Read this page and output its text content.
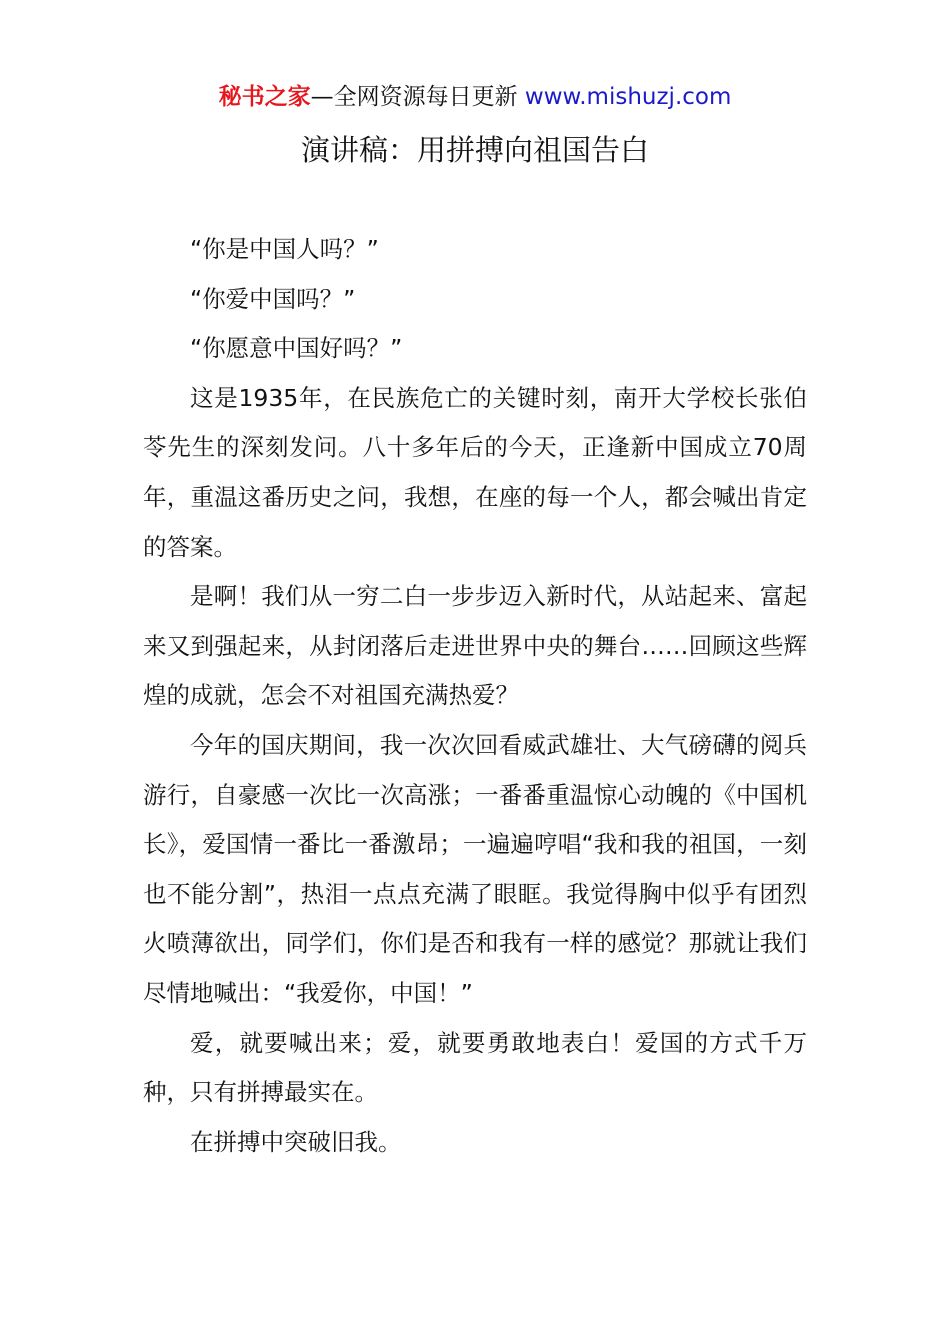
秘书之家—全网资源每日更新 www.mishuzj.com
演讲稿：用拼搏向祖国告白

“你是中国人吗？”

“你爱中国吗？”

“你愿意中国好吗？”

这是1935年，在民族危亡的关键时刻，南开大学校长张伯苓先生的深刻发问。八十多年后的今天，正逢新中国成立70周年，重温这番历史之问，我想，在座的每一个人，都会喊出肯定的答案。

是啊！我们从一穷二白一步步迈入新时代，从站起来、富起来又到强起来，从封闭落后走进世界中央的舞台……回顾这些辉煌的成就，怎会不对祖国充满热爱？

今年的国庆期间，我一次次回看威武雄壮、大气磅礴的阅兵游行，自豪感一次比一次高涨；一番番重温惊心动魄的《中国机长》，爱国情一番比一番激昂；一遍遍哼唱“我和我的祖国，一刻也不能分割”，热泪一点点充满了眼眶。我觉得胸中似乎有团烈火喷薄欲出，同学们，你们是否和我有一样的感觉？那就让我们尽情地喊出：“我爱你，中国！”

爱，就要喊出来；爱，就要勇敢地表白！爱国的方式千万种，只有拼搏最实在。

在拼搏中突破旧我。
